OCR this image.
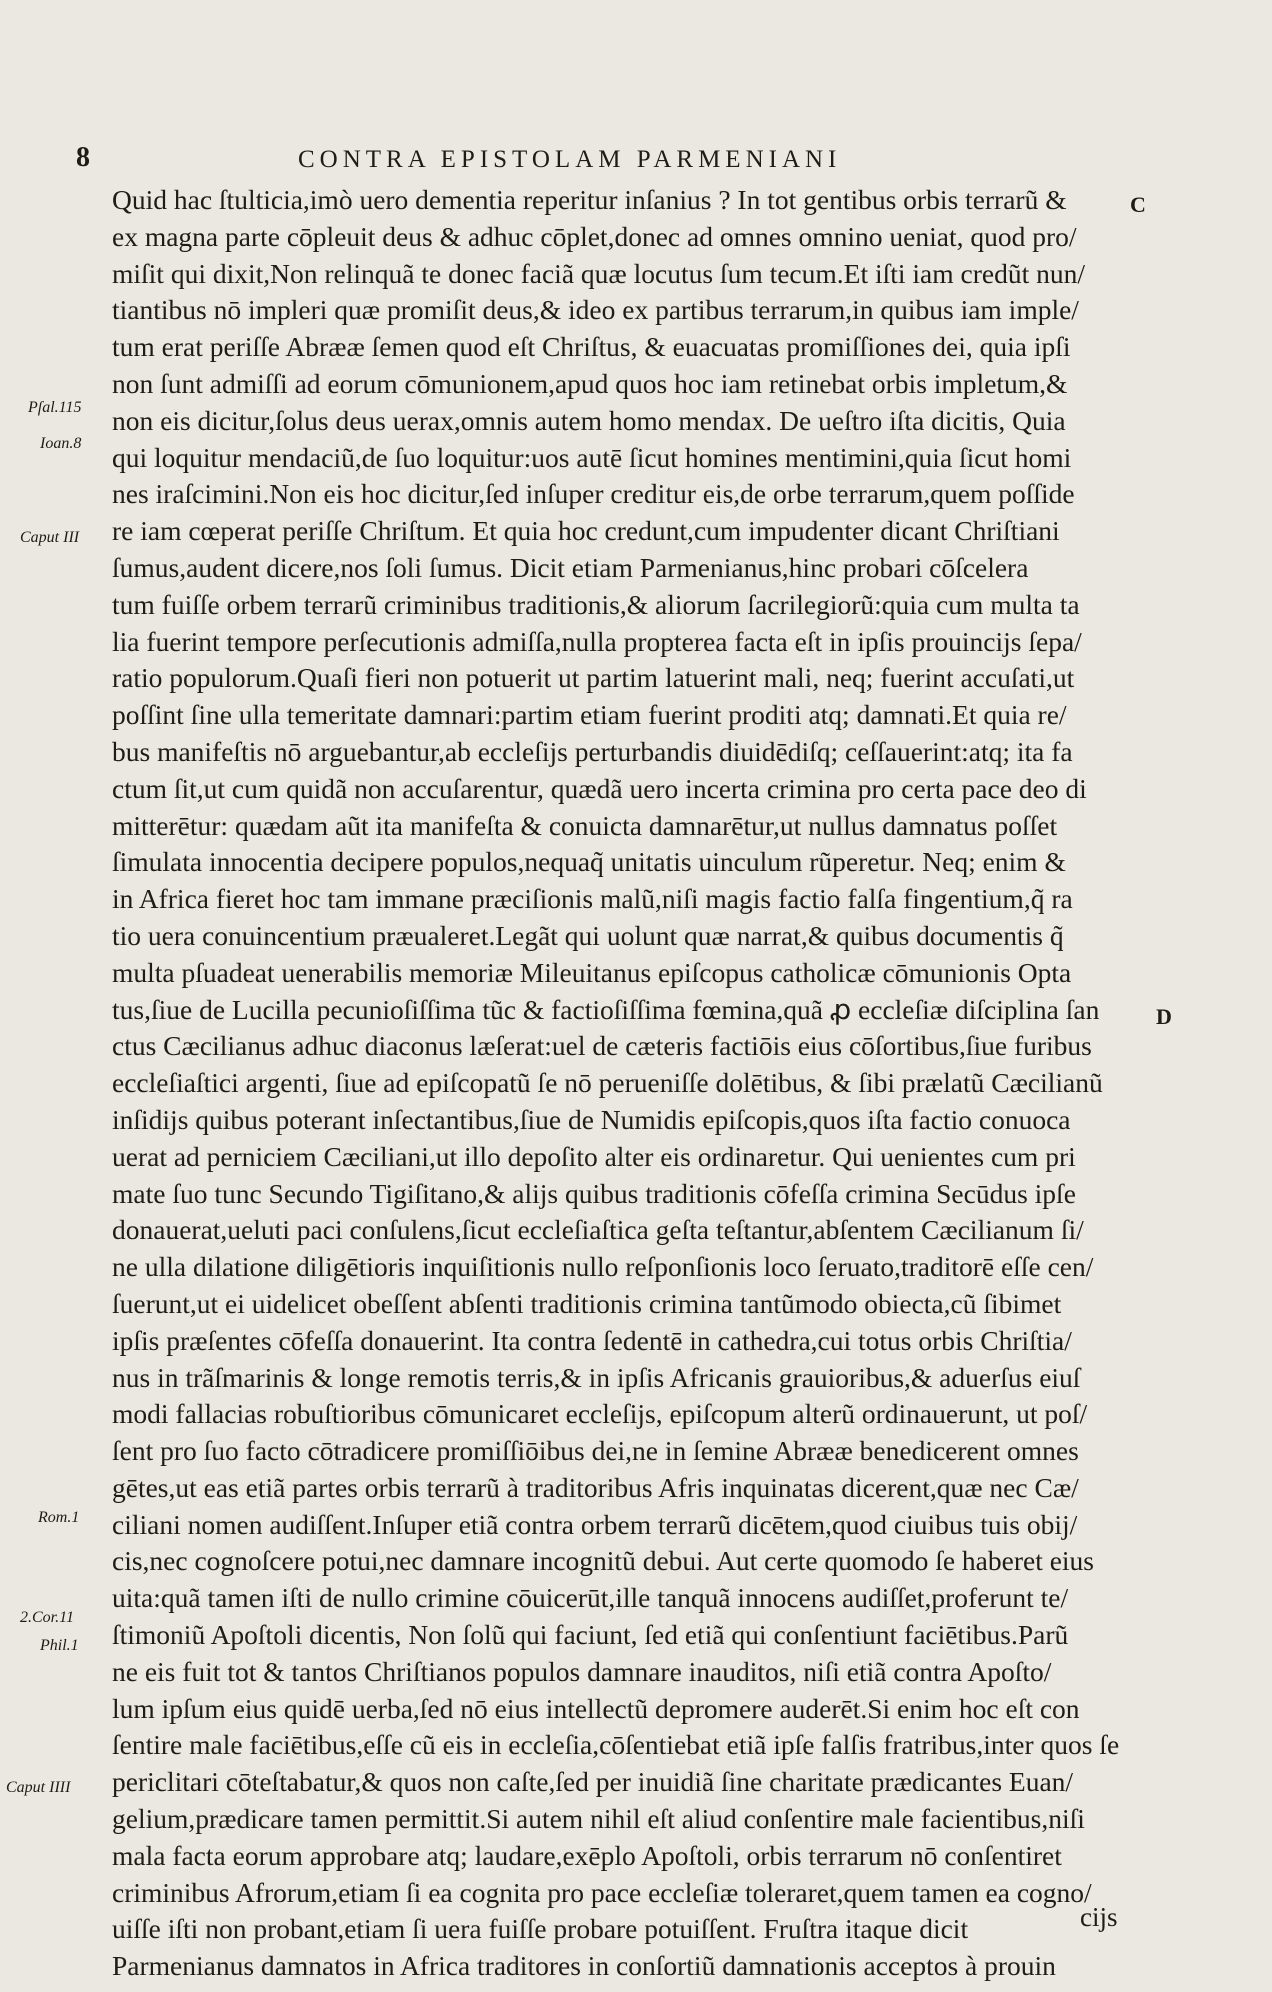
8	CONTRA EPISTOLAM PARMENIANI
Quid hac ſtulticia,imò uero dementia reperitur inſanius ? In tot gentibus orbis terrarũ &
ex magna parte cōpleuit deus & adhuc cōplet,donec ad omnes omnino ueniat, quod pro/
miſit qui dixit,Non relinquã te donec faciã quæ locutus ſum tecum.Et iſti iam credũt nun/
tiantibus nō impleri quæ promiſit deus,& ideo ex partibus terrarum,in quibus iam imple/
tum erat periſſe Abrææ ſemen quod eſt Chriſtus, & euacuatas promiſſiones dei, quia ipſi
non ſunt admiſſi ad eorum cōmunionem,apud quos hoc iam retinebat orbis impletum,&
non eis dicitur,ſolus deus uerax,omnis autem homo mendax. De ueſtro iſta dicitis, Quia
qui loquitur mendaciũ,de ſuo loquitur:uos autē ſicut homines mentimini,quia ſicut homi
nes iraſcimini.Non eis hoc dicitur,ſed inſuper creditur eis,de orbe terrarum,quem poſſide
re iam cœperat periſſe Chriſtum. Et quia hoc credunt,cum impudenter dicant Chriſtiani
ſumus,audent dicere,nos ſoli ſumus. Dicit etiam Parmenianus,hinc probari cōſcelera
tum fuiſſe orbem terrarũ criminibus traditionis,& aliorum ſacrilegiorũ:quia cum multa ta
lia fuerint tempore perſecutionis admiſſa,nulla propterea facta eſt in ipſis prouincijs ſepa/
ratio populorum.Quaſi fieri non potuerit ut partim latuerint mali, neq; fuerint accuſati,ut
poſſint ſine ulla temeritate damnari:partim etiam fuerint proditi atq; damnati.Et quia re/
bus manifeſtis nō arguebantur,ab eccleſijs perturbandis diuidēdiſq; ceſſauerint:atq; ita fa
ctum ſit,ut cum quidã non accuſarentur, quædã uero incerta crimina pro certa pace deo di
mitterētur: quædam aũt ita manifeſta & conuicta damnarētur,ut nullus damnatus poſſet
ſimulata innocentia decipere populos,nequaq̃ unitatis uinculum rũperetur. Neq; enim &
in Africa fieret hoc tam immane præciſionis malũ,niſi magis factio falſa fingentium,q̃ ra
tio uera conuincentium præualeret.Legãt qui uolunt quæ narrat,& quibus documentis q̃
multa pſuadeat uenerabilis memoriæ Mileuitanus epiſcopus catholicæ cōmunionis Opta
tus,ſiue de Lucilla pecunioſiſſima tũc & factioſiſſima fœmina,quã ꝓ eccleſiæ diſciplina ſan
ctus Cæcilianus adhuc diaconus læſerat:uel de cæteris factiōis eius cōſortibus,ſiue furibus
eccleſiaſtici argenti, ſiue ad epiſcopatũ ſe nō perueniſſe dolētibus, & ſibi prælatũ Cæcilianũ
inſidijs quibus poterant inſectantibus,ſiue de Numidis epiſcopis,quos iſta factio conuoca
uerat ad perniciem Cæciliani,ut illo depoſito alter eis ordinaretur. Qui uenientes cum pri
mate ſuo tunc Secundo Tigiſitano,& alijs quibus traditionis cōfeſſa crimina Secūdus ipſe
donauerat,ueluti paci conſulens,ſicut eccleſiaſtica geſta teſtantur,abſentem Cæcilianum ſi/
ne ulla dilatione diligētioris inquiſitionis nullo reſponſionis loco ſeruato,traditorē eſſe cen/
ſuerunt,ut ei uidelicet obeſſent abſenti traditionis crimina tantũmodo obiecta,cũ ſibimet
ipſis præſentes cōfeſſa donauerint. Ita contra ſedentē in cathedra,cui totus orbis Chriſtia/
nus in trãſmarinis & longe remotis terris,& in ipſis Africanis grauioribus,& aduerſus eiuſ
modi fallacias robuſtioribus cōmunicaret eccleſijs, epiſcopum alterũ ordinauerunt, ut poſ/
ſent pro ſuo facto cōtradicere promiſſiōibus dei,ne in ſemine Abrææ benedicerent omnes
gētes,ut eas etiã partes orbis terrarũ à traditoribus Afris inquinatas dicerent,quæ nec Cæ/
ciliani nomen audiſſent.Inſuper etiã contra orbem terrarũ dicētem,quod ciuibus tuis obij/
cis,nec cognoſcere potui,nec damnare incognitũ debui. Aut certe quomodo ſe haberet eius
uita:quã tamen iſti de nullo crimine cōuicerūt,ille tanquã innocens audiſſet,proferunt te/
ſtimoniũ Apoſtoli dicentis, Non ſolũ qui faciunt, ſed etiã qui conſentiunt faciētibus.Parũ
ne eis fuit tot & tantos Chriſtianos populos damnare inauditos, niſi etiã contra Apoſto/
lum ipſum eius quidē uerba,ſed nō eius intellectũ depromere auderēt.Si enim hoc eſt con
ſentire male faciētibus,eſſe cũ eis in eccleſia,cōſentiebat etiã ipſe falſis fratribus,inter quos ſe
periclitari cōteſtabatur,& quos non caſte,ſed per inuidiã ſine charitate prædicantes Euan/
gelium,prædicare tamen permittit.Si autem nihil eſt aliud conſentire male facientibus,niſi
mala facta eorum approbare atq; laudare,exēplo Apoſtoli, orbis terrarum nō conſentiret
criminibus Afrorum,etiam ſi ea cognita pro pace eccleſiæ toleraret,quem tamen ea cogno/
uiſſe iſti non probant,etiam ſi uera fuiſſe probare potuiſſent. Fruſtra itaque dicit
Parmenianus damnatos in Africa traditores in conſortiũ damnationis acceptos à prouin
Pſal.115
Ioan.8
Caput III
Rom.1
2.Cor.11
Phil.1
Caput IIII
C
D
cijs
